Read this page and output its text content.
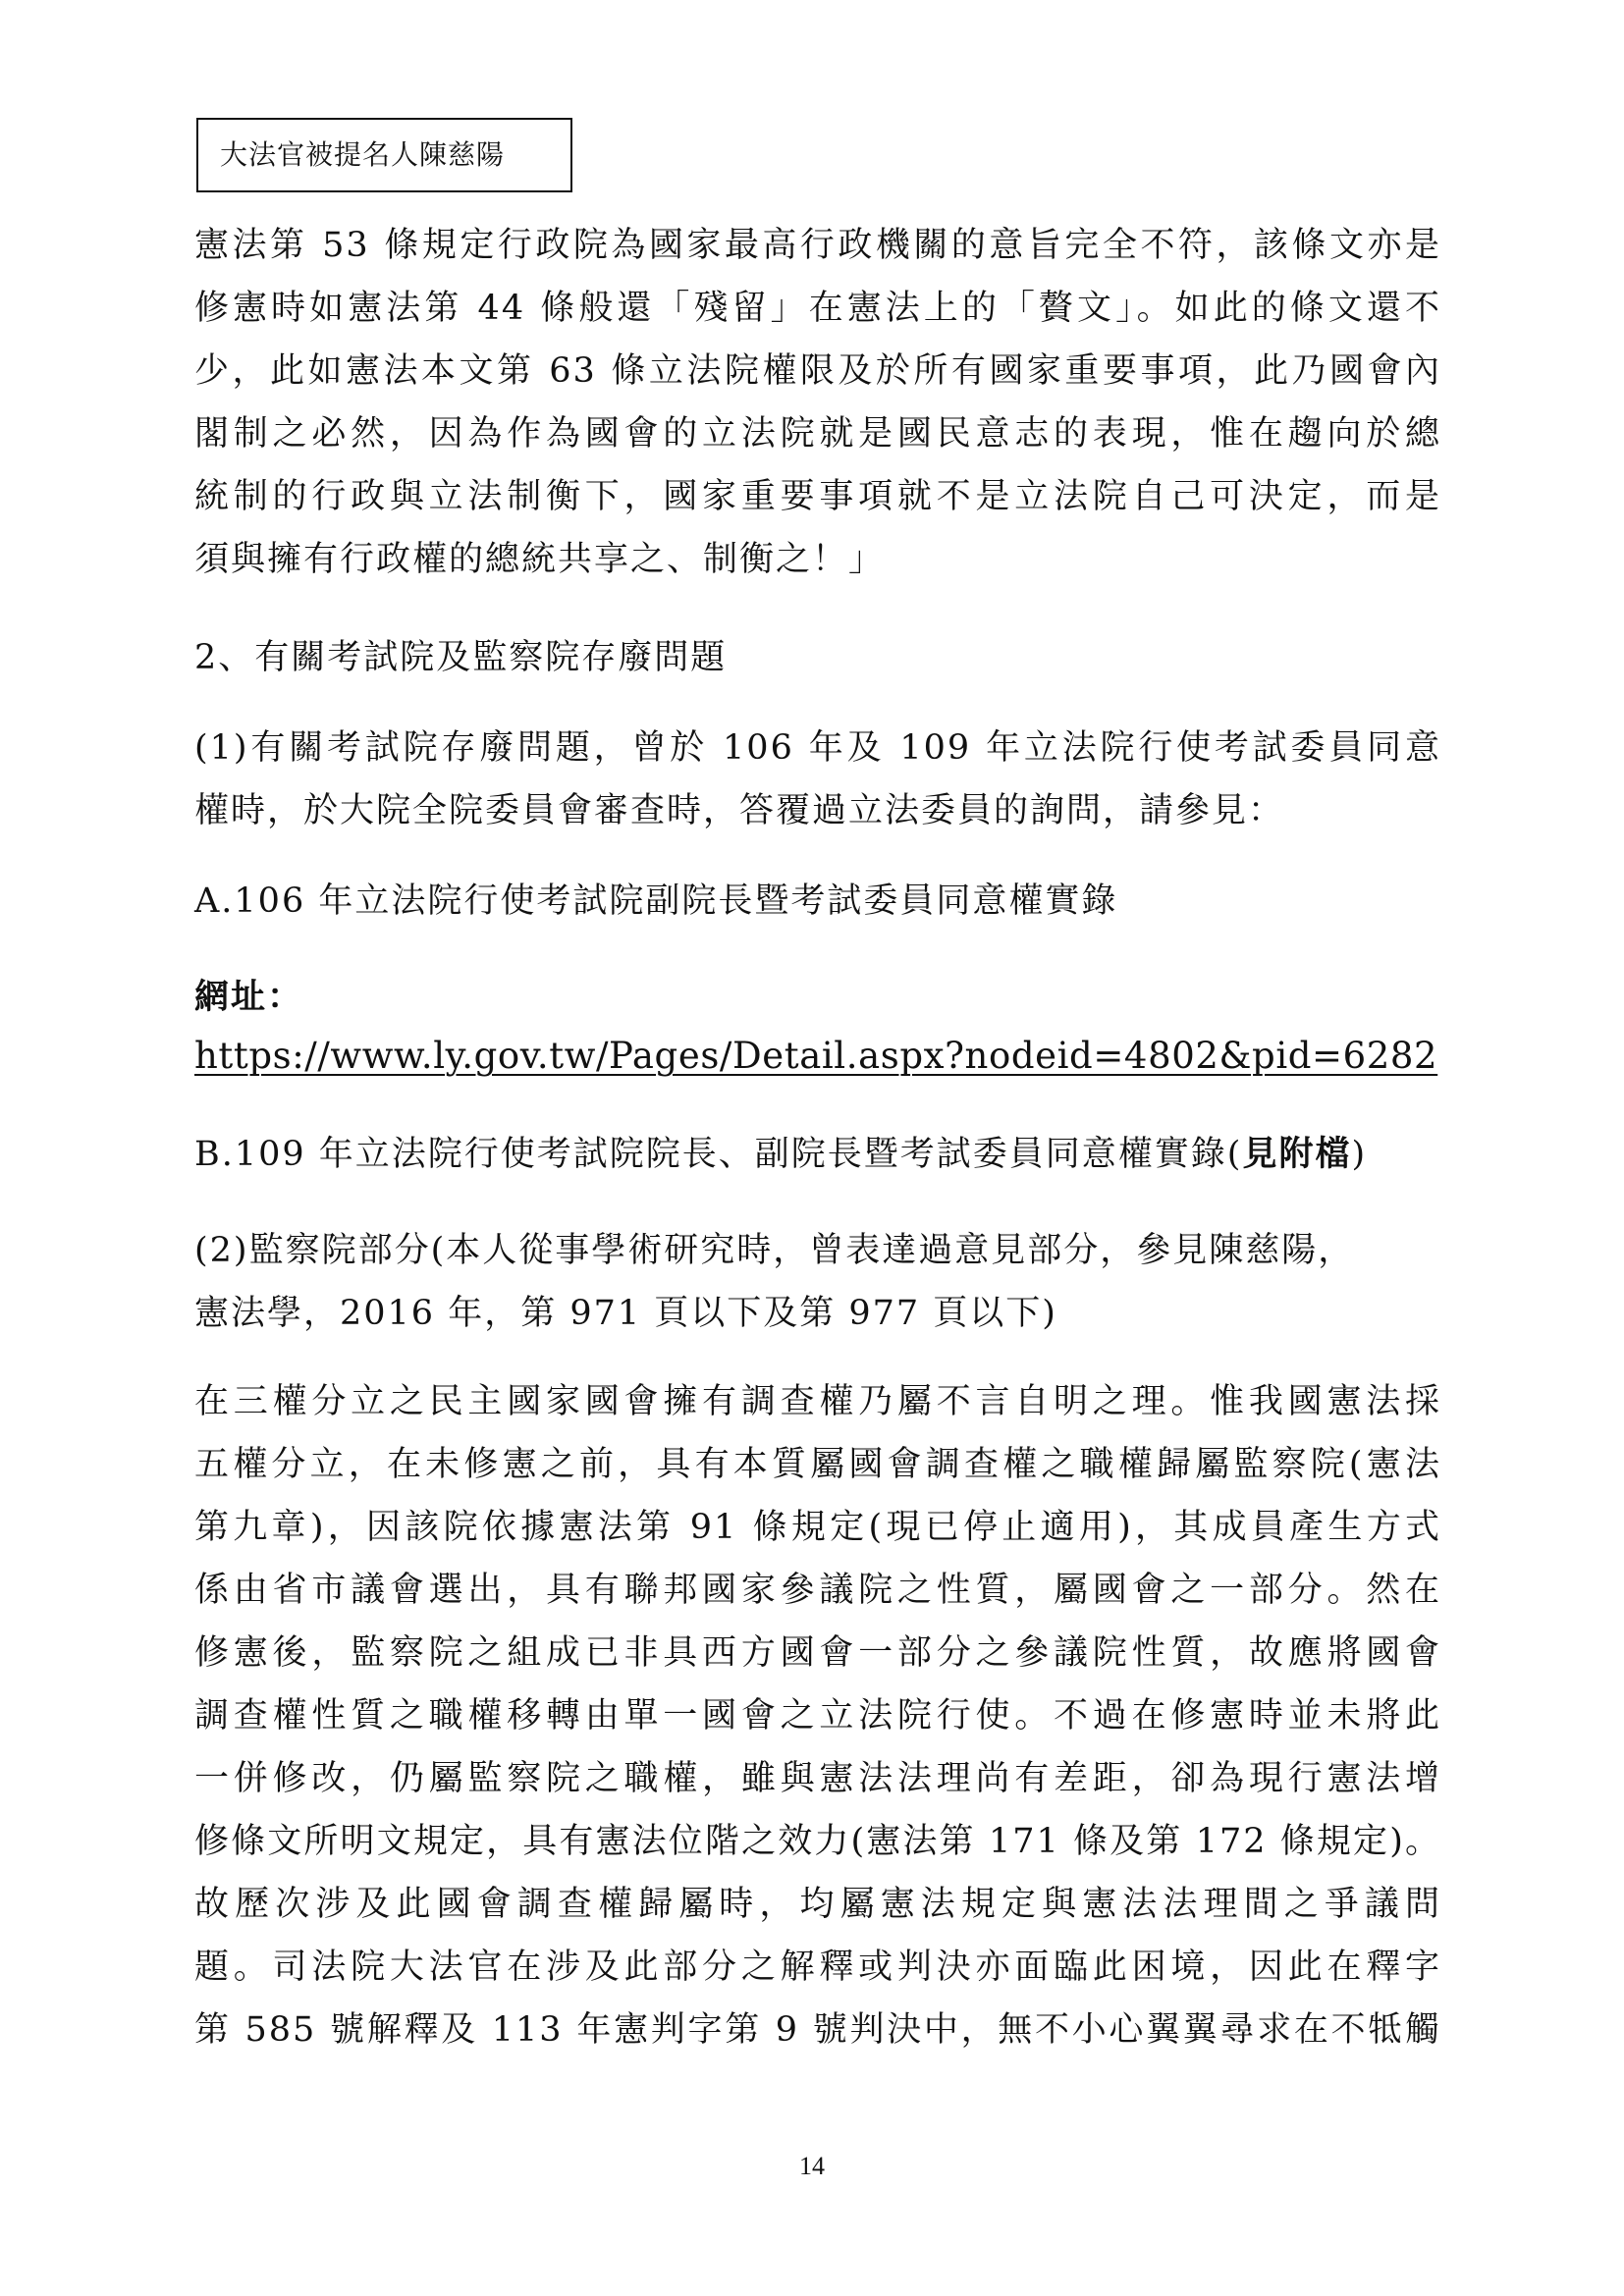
大法官被提名人陳慈陽
憲法第 53 條規定行政院為國家最高行政機關的意旨完全不符，該條文亦是
修憲時如憲法第 44 條般還「殘留」在憲法上的「贅文」。如此的條文還不
少，此如憲法本文第 63 條立法院權限及於所有國家重要事項，此乃國會內
閣制之必然，因為作為國會的立法院就是國民意志的表現，惟在趨向於總
統制的行政與立法制衡下，國家重要事項就不是立法院自己可決定，而是
須與擁有行政權的總統共享之、制衡之！」
2、有關考試院及監察院存廢問題
(1)有關考試院存廢問題，曾於 106 年及 109 年立法院行使考試委員同意
權時，於大院全院委員會審查時，答覆過立法委員的詢問，請參見：
A.106 年立法院行使考試院副院長暨考試委員同意權實錄
網址：
https://www.ly.gov.tw/Pages/Detail.aspx?nodeid=4802&pid=6282
B.109 年立法院行使考試院院長、副院長暨考試委員同意權實錄(見附檔)
(2)監察院部分(本人從事學術研究時，曾表達過意見部分，參見陳慈陽，
憲法學，2016 年，第 971 頁以下及第 977 頁以下)
在三權分立之民主國家國會擁有調查權乃屬不言自明之理。惟我國憲法採
五權分立，在未修憲之前，具有本質屬國會調查權之職權歸屬監察院(憲法
第九章)，因該院依據憲法第 91 條規定(現已停止適用)，其成員產生方式
係由省市議會選出，具有聯邦國家參議院之性質，屬國會之一部分。然在
修憲後，監察院之組成已非具西方國會一部分之參議院性質，故應將國會
調查權性質之職權移轉由單一國會之立法院行使。不過在修憲時並未將此
一併修改，仍屬監察院之職權，雖與憲法法理尚有差距，卻為現行憲法增
修條文所明文規定，具有憲法位階之效力(憲法第 171 條及第 172 條規定)。
故歷次涉及此國會調查權歸屬時，均屬憲法規定與憲法法理間之爭議問
題。司法院大法官在涉及此部分之解釋或判決亦面臨此困境，因此在釋字
第 585 號解釋及 113 年憲判字第 9 號判決中，無不小心翼翼尋求在不牴觸
14
